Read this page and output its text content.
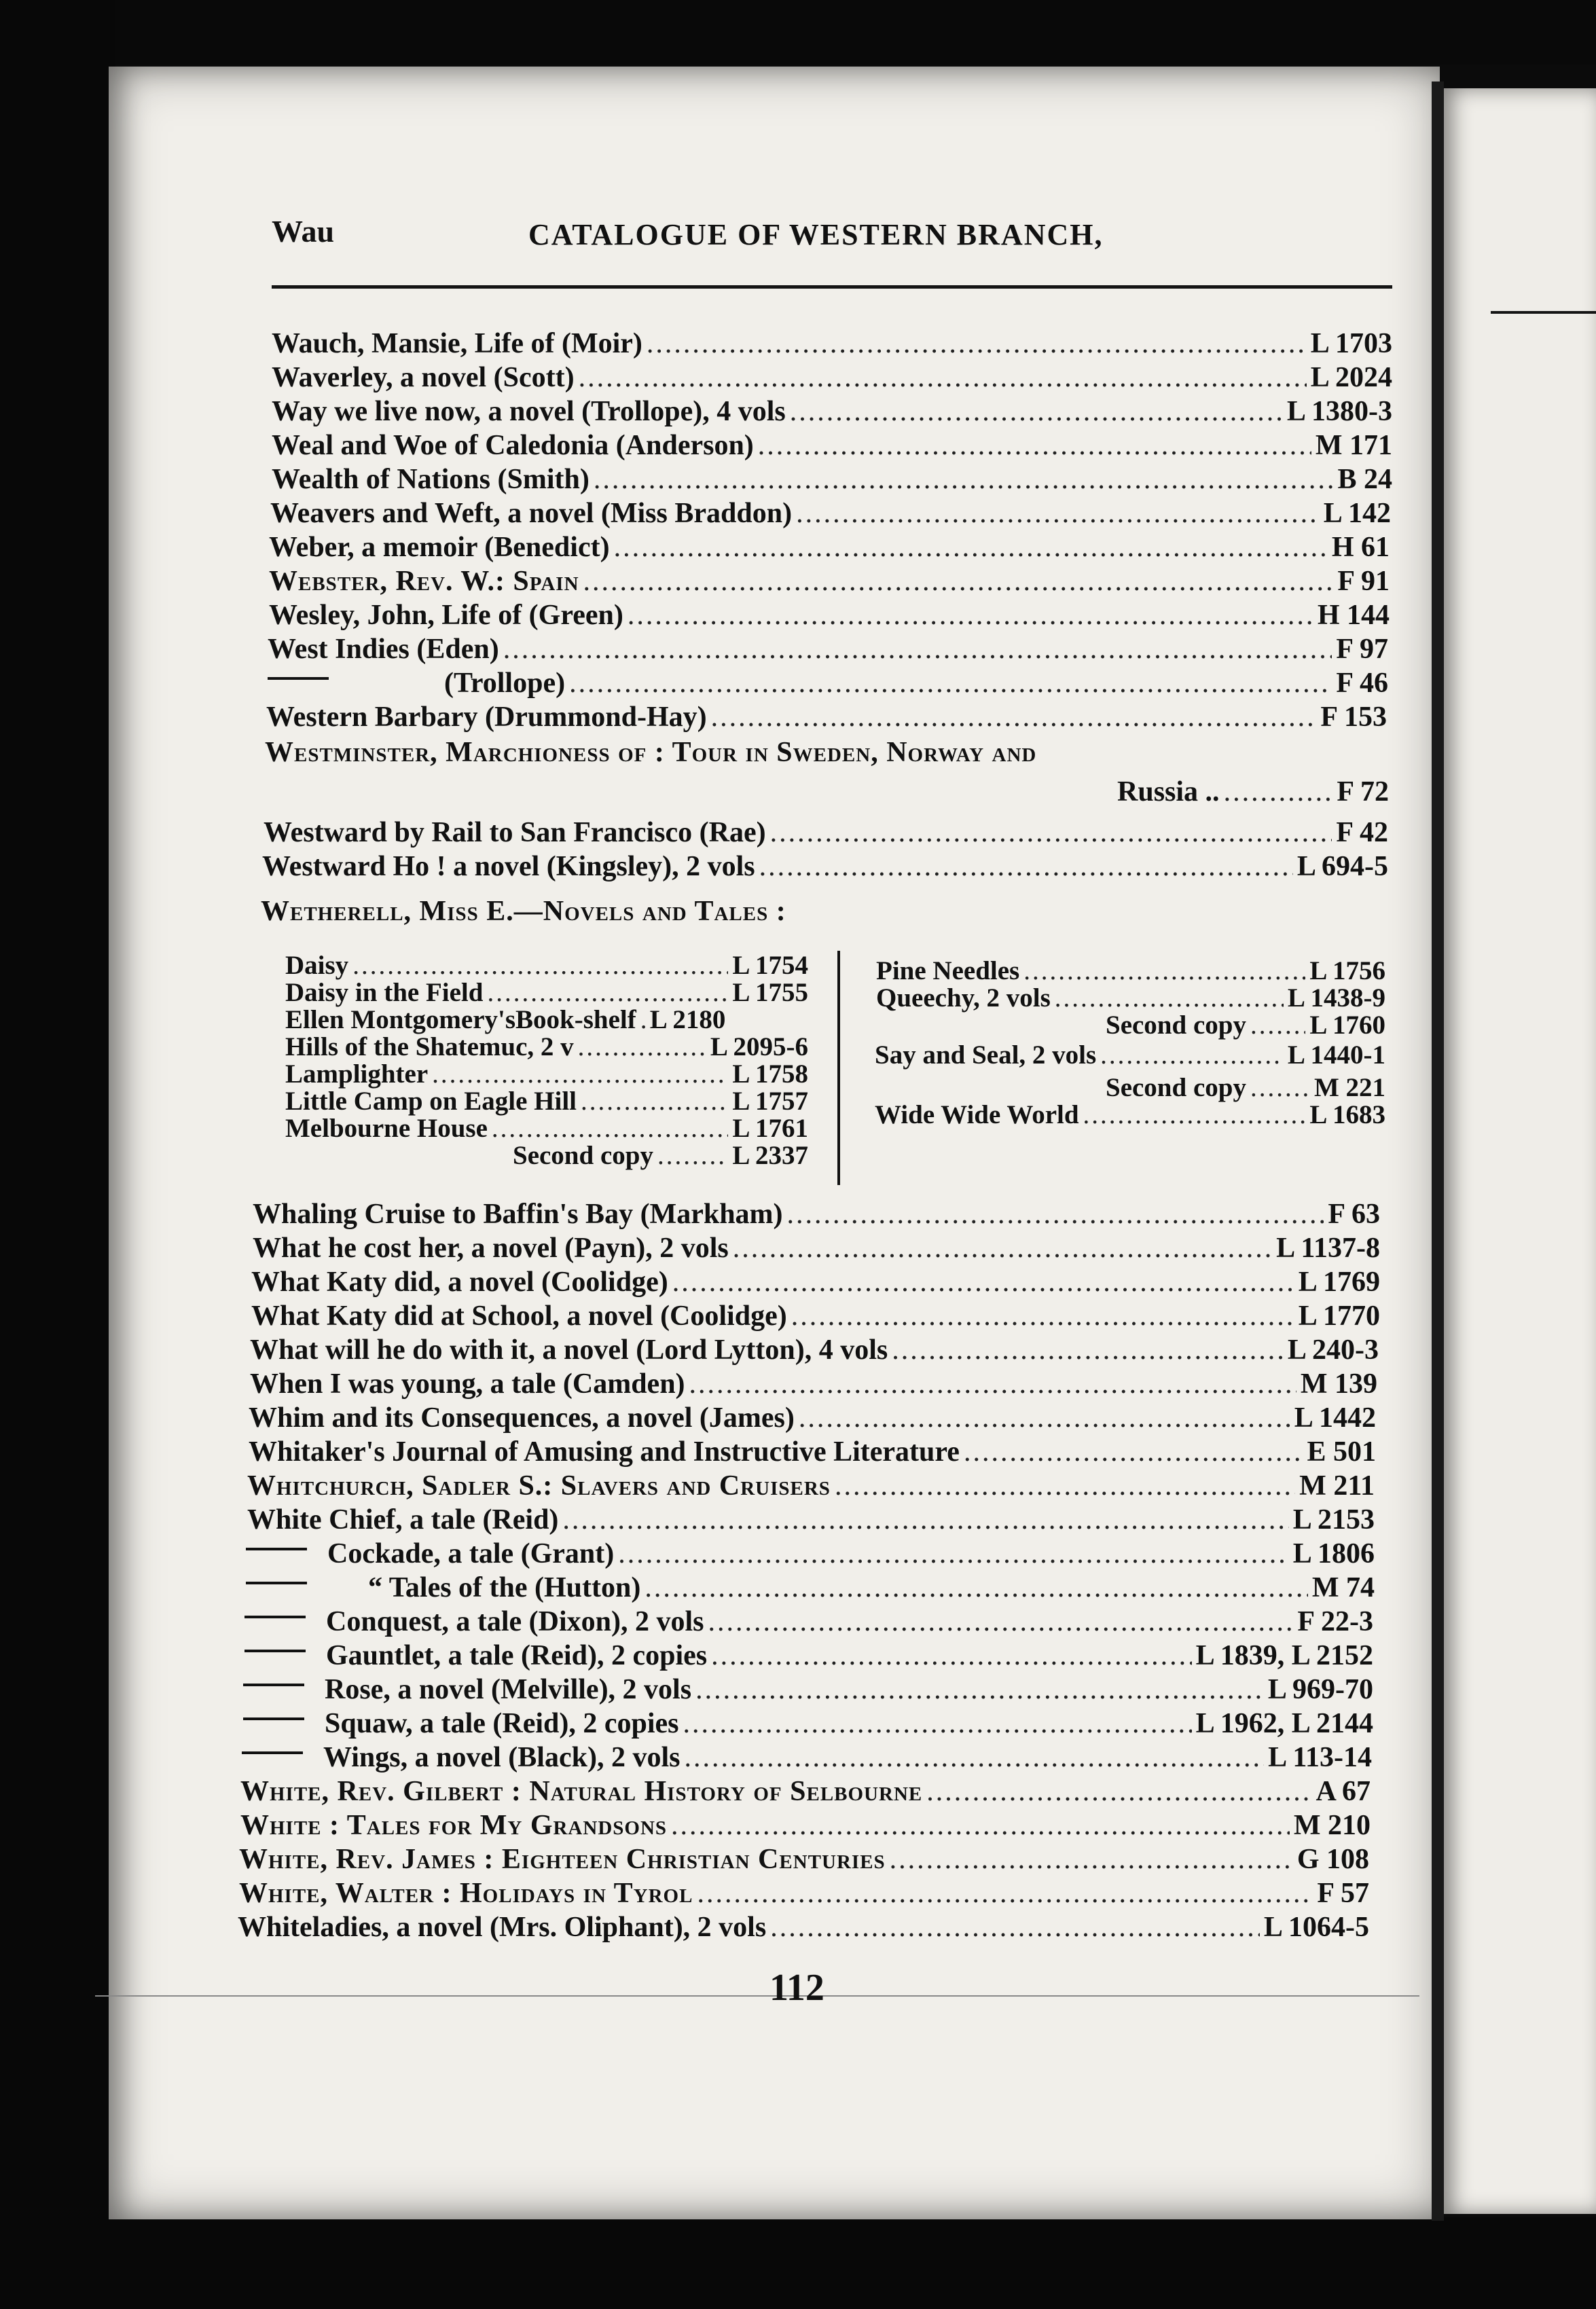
Wau	CATALOGUE OF WESTERN BRANCH,
Wauch, Mansie, Life of (Moir) .....	L 1703
Waverley, a novel (Scott) .....	L 2024
Way we live now, a novel (Trollope), 4 vols .....	L 1380-3
Weal and Woe of Caledonia (Anderson) .....	M 171
Wealth of Nations (Smith) .....	B 24
Weavers and Weft, a novel (Miss Braddon) .....	L 142
Weber, a memoir (Benedict) .....	H 61
Webster, Rev. W.: Spain .....	F 91
Wesley, John, Life of (Green) .....	H 144
West Indies (Eden) .....	F 97
(Trollope) .....	F 46
Western Barbary (Drummond-Hay) .....	F 153
Westminster, Marchioness of : Tour in Sweden, Norway and
Russia .. .....	F 72
Westward by Rail to San Francisco (Rae) .....	F 42
Westward Ho ! a novel (Kingsley), 2 vols .....	L 694-5
Wetherell, Miss E.—Novels and Tales :
Daisy .....	L 1754
Daisy in the Field .....	L 1755
Ellen Montgomery'sBook-shelf ..... L 2180
Hills of the Shatemuc, 2 v .....	L 2095-6
Lamplighter .....	L 1758
Little Camp on Eagle Hill .....	L 1757
Melbourne House .....	L 1761
Second copy .....	L 2337
Pine Needles .....	L 1756
Queechy, 2 vols .....	L 1438-9
Second copy ..... L 1760
Say and Seal, 2 vols .....	L 1440-1
Second copy .....	M 221
Wide Wide World .....	L 1683
Whaling Cruise to Baffin's Bay (Markham) .....	F 63
What he cost her, a novel (Payn), 2 vols .....	L 1137-8
What Katy did, a novel (Coolidge) .....	L 1769
What Katy did at School, a novel (Coolidge) .....	L 1770
What will he do with it, a novel (Lord Lytton), 4 vols .....	L 240-3
When I was young, a tale (Camden) .....	M 139
Whim and its Consequences, a novel (James) .....	L 1442
Whitaker's Journal of Amusing and Instructive Literature .....	E 501
Whitchurch, Sadler S.: Slavers and Cruisers .....	M 211
White Chief, a tale (Reid) .....	L 2153
Cockade, a tale (Grant) .....	L 1806
“ Tales of the (Hutton) .....	M 74
Conquest, a tale (Dixon), 2 vols .....	F 22-3
Gauntlet, a tale (Reid), 2 copies .....	L 1839, L 2152
Rose, a novel (Melville), 2 vols .....	L 969-70
Squaw, a tale (Reid), 2 copies .....	L 1962, L 2144
Wings, a novel (Black), 2 vols .....	L 113-14
White, Rev. Gilbert : Natural History of Selbourne .....	A 67
White : Tales for My Grandsons .....	M 210
White, Rev. James : Eighteen Christian Centuries .....	G 108
White, Walter : Holidays in Tyrol .....	F 57
Whiteladies, a novel (Mrs. Oliphant), 2 vols .....	L 1064-5
112
